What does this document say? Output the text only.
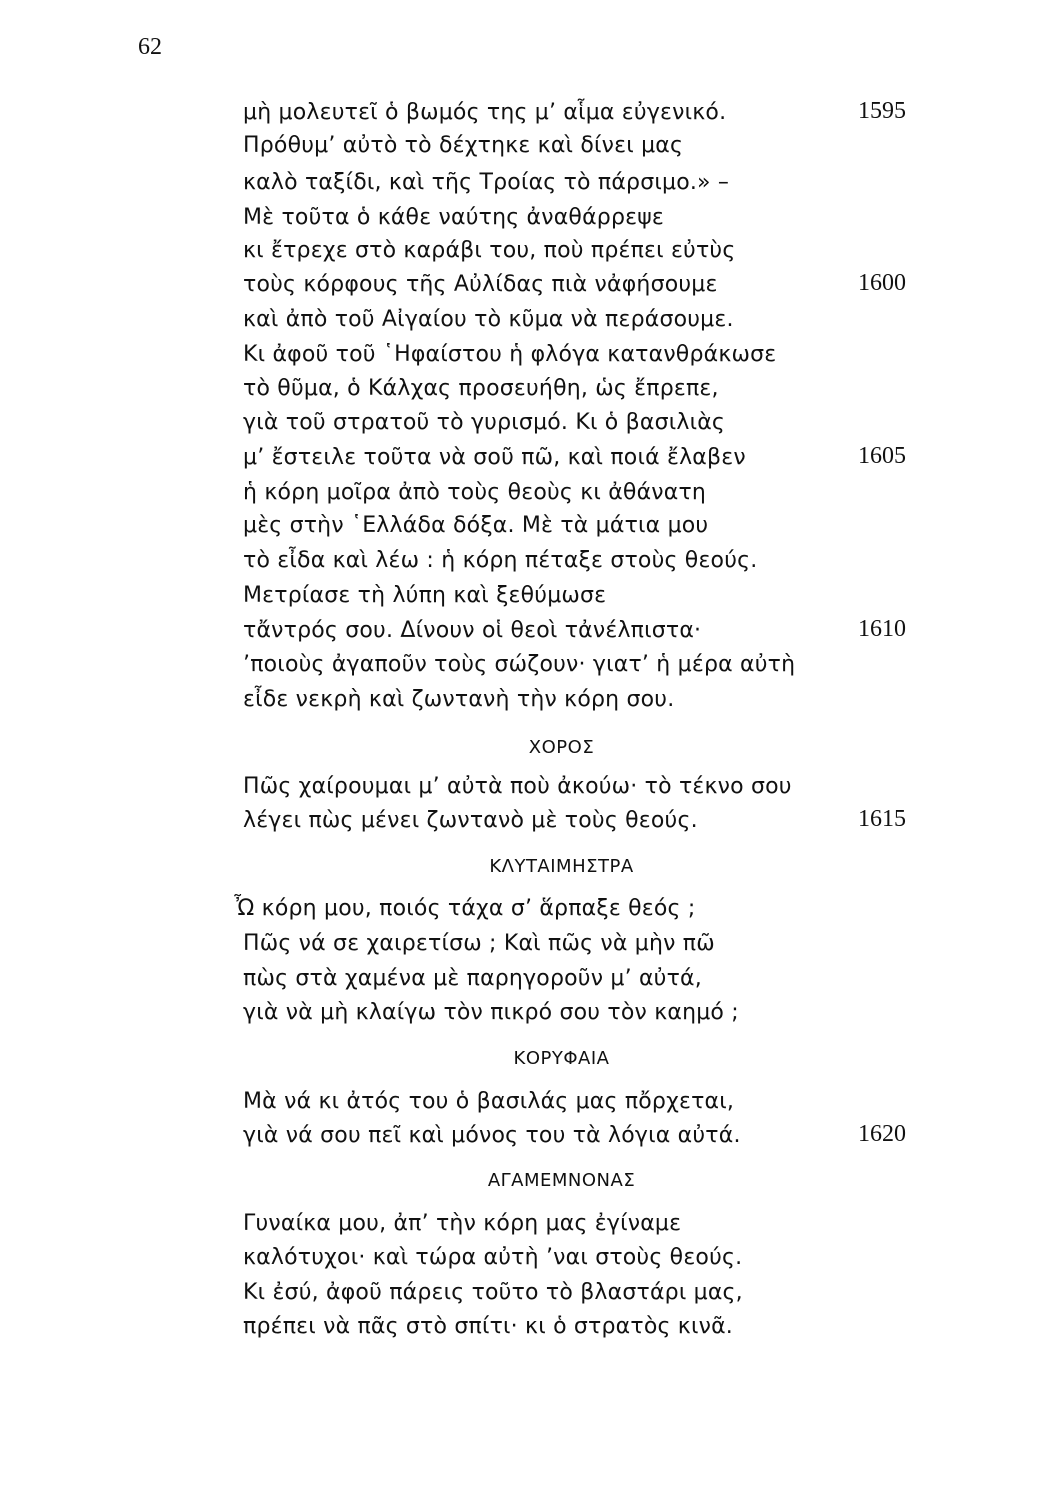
62
μὴ μολευτεῖ ὁ βωμός της μ’ αἷμα εὐγενικό.
Πρόθυμ’ αὐτὸ τὸ δέχτηκε καὶ δίνει μας
καλὸ ταξίδι, καὶ τῆς Τροίας τὸ πάρσιμο.» –
Μὲ τοῦτα ὁ κάθε ναύτης ἀναθάρρεψε
κι ἔτρεχε στὸ καράβι του, ποὺ πρέπει εὐτὺς
τοὺς κόρφους τῆς Αὐλίδας πιὰ νἀφήσουμε
καὶ ἀπὸ τοῦ Αἰγαίου τὸ κῦμα νὰ περάσουμε.
Κι ἀφοῦ τοῦ ῾Ηφαίστου ἡ φλόγα κατανθράκωσε
τὸ θῦμα, ὁ Κάλχας προσευήθη, ὡς ἔπρεπε,
γιὰ τοῦ στρατοῦ τὸ γυρισμό. Κι ὁ βασιλιὰς
μ’ ἔστειλε τοῦτα νὰ σοῦ πῶ, καὶ ποιά ἔλαβεν
ἡ κόρη μοῖρα ἀπὸ τοὺς θεοὺς κι ἀθάνατη
μὲς στὴν ῾Ελλάδα δόξα. Μὲ τὰ μάτια μου
τὸ εἶδα καὶ λέω : ἡ κόρη πέταξε στοὺς θεούς.
Μετρίασε τὴ λύπη καὶ ξεθύμωσε
τἄντρός σου. Δίνουν οἱ θεοὶ τἀνέλπιστα·
’ποιοὺς ἀγαποῦν τοὺς σώζουν· γιατ’ ἡ μέρα αὐτὴ
εἶδε νεκρὴ καὶ ζωντανὴ τὴν κόρη σου.
ΧΟΡΟΣ
Πῶς χαίρουμαι μ’ αὐτὰ ποὺ ἀκούω· τὸ τέκνο σου
λέγει πὼς μένει ζωντανὸ μὲ τοὺς θεούς.
ΚΛΥΤΑΙΜΗΣΤΡΑ
Ὦ κόρη μου, ποιός τάχα σ’ ἅρπαξε θεός ;
Πῶς νά σε χαιρετίσω ; Καὶ πῶς νὰ μὴν πῶ
πὼς στὰ χαμένα μὲ παρηγοροῦν μ’ αὐτά,
γιὰ νὰ μὴ κλαίγω τὸν πικρό σου τὸν καημό ;
ΚΟΡΥΦΑΙΑ
Μὰ νά κι ἀτός του ὁ βασιλάς μας πὄρχεται,
γιὰ νά σου πεῖ καὶ μόνος του τὰ λόγια αὐτά.
ΑΓΑΜΕΜΝΟΝΑΣ
Γυναίκα μου, ἀπ’ τὴν κόρη μας ἐγίναμε
καλότυχοι· καὶ τώρα αὐτὴ ’ναι στοὺς θεούς.
Κι ἐσύ, ἀφοῦ πάρεις τοῦτο τὸ βλαστάρι μας,
πρέπει νὰ πᾶς στὸ σπίτι· κι ὁ στρατὸς κινᾶ.
1595
1600
1605
1610
1615
1620
